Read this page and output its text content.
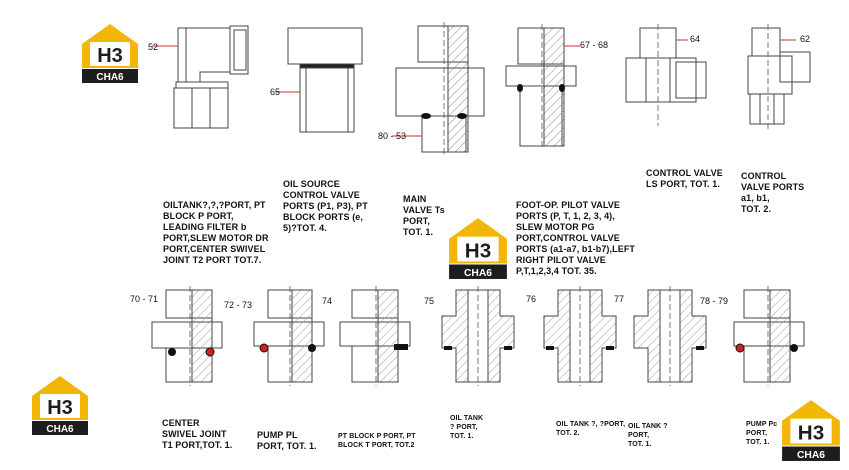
H3
CHA6
H3
CHA6
H3
CHA6	H3
CHA6
52
65
80 - 53
67 - 68
64	62
OILTANK?,?,?PORT, PT
BLOCK P PORT,
LEADING FILTER b
PORT,SLEW MOTOR DR
PORT,CENTER SWIVEL
JOINT T2 PORT TOT.7.
OIL SOURCE
CONTROL VALVE
PORTS (P1, P3), PT
BLOCK PORTS (e,
5)?TOT. 4.
MAIN
VALVE Ts
PORT,
TOT. 1.
FOOT-OP. PILOT VALVE
PORTS (P, T, 1, 2, 3, 4),
SLEW MOTOR PG
PORT,CONTROL VALVE
PORTS (a1-a7, b1-b7),LEFT
RIGHT PILOT VALVE
P,T,1,2,3,4 TOT. 35.
CONTROL VALVE
LS PORT, TOT. 1.
CONTROL
VALVE PORTS
a1, b1,
TOT. 2.
70 - 71
72 - 73	74	75	76	77	78 - 79
CENTER
SWIVEL JOINT
T1 PORT,TOT. 1.
PUMP PL
PORT, TOT. 1.
PT BLOCK P PORT, PT
BLOCK T PORT, TOT.2
OIL TANK
? PORT,
TOT. 1.
OIL TANK ?, ?PORT,
TOT. 2.
OIL TANK ?
PORT,
TOT. 1.
PUMP Pc
PORT,
TOT. 1.
